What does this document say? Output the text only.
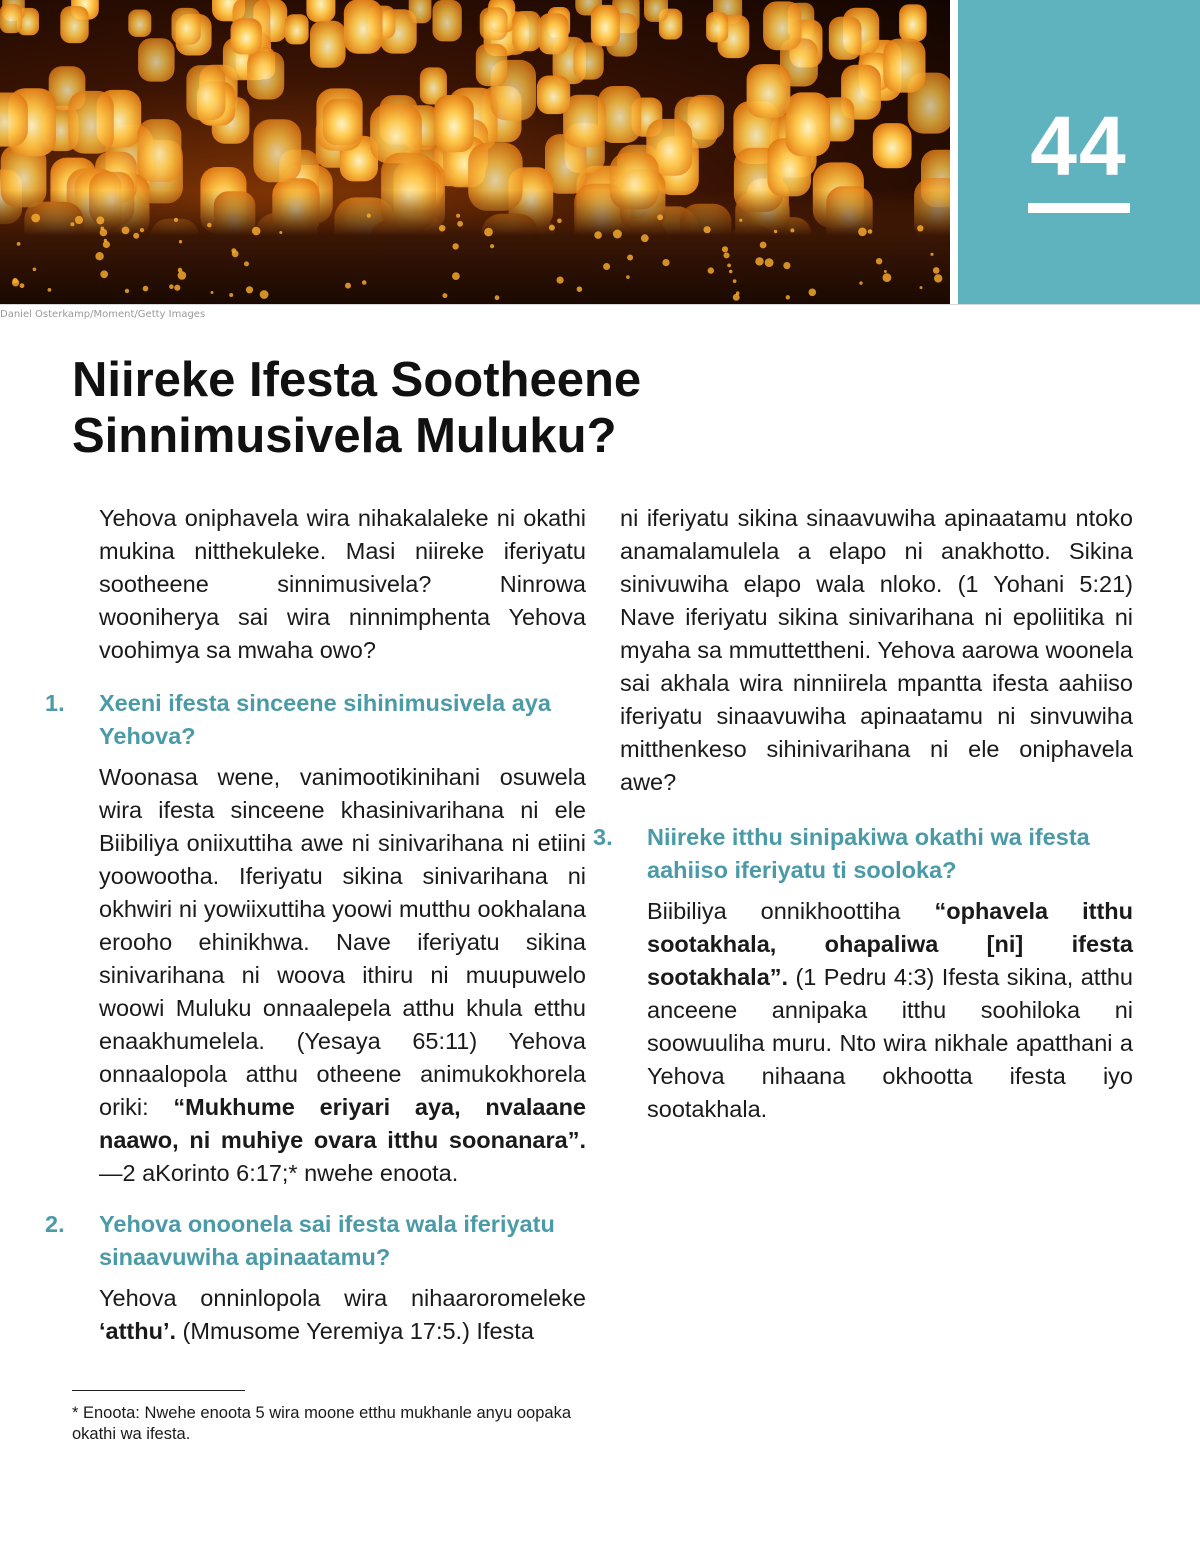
44
Daniel Osterkamp/Moment/Getty Images
Niireke Ifesta Sootheene
Sinnimusivela Muluku?

Yehova oniphavela wira nihakalaleke ni okathi mukina nitthekuleke. Masi niireke iferiyatu sootheene sinnimusivela? Ninrowa wooniherya sai wira ninnimphenta Yehova voohimya sa mwaha owo?

1. Xeeni ifesta sinceene sihinimusivela aya Yehova?

Woonasa wene, vanimootikinihani osuwela wira ifesta sinceene khasinivarihana ni ele Biibiliya oniixuttiha awe ni sinivarihana ni etiini yoowootha. Iferiyatu sikina sinivarihana ni okhwiri ni yowiixuttiha yoowi mutthu ookhalana erooho ehinikhwa. Nave iferiyatu sikina sinivarihana ni woova ithiru ni muupuwelo woowi Muluku onnaalepela atthu khula etthu enaakhumelela. (Yesaya 65:11) Yehova onnaalopola atthu otheene animukokhorela oriki: “Mukhume eriyari aya, nvalaane naawo, ni muhiye ovara itthu soonanara”.—2 aKorinto 6:17;* nwehe enoota.

2. Yehova onoonela sai ifesta wala iferiyatu sinaavuwiha apinaatamu?

Yehova onninlopola wira nihaaroromeleke ‘atthu’. (Mmusome Yeremiya 17:5.) Ifesta

ni iferiyatu sikina sinaavuwiha apinaatamu ntoko anamalamulela a elapo ni anakhotto. Sikina sinivuwiha elapo wala nloko. (1 Yohani 5:21) Nave iferiyatu sikina sinivarihana ni epoliitika ni myaha sa mmuttettheni. Yehova aarowa woonela sai akhala wira ninniirela mpantta ifesta aahiiso iferiyatu sinaavuwiha apinaatamu ni sinvuwiha mitthenkeso sihinivarihana ni ele oniphavela awe?

3. Niireke itthu sinipakiwa okathi wa ifesta aahiiso iferiyatu ti sooloka?

Biibiliya onnikhoottiha “ophavela itthu sootakhala, ohapaliwa [ni] ifesta sootakhala”. (1 Pedru 4:3) Ifesta sikina, atthu anceene annipaka itthu soohiloka ni soowuuliha muru. Nto wira nikhale apatthani a Yehova nihaana okhootta ifesta iyo sootakhala.

* Enoota: Nwehe enoota 5 wira moone etthu mukhanle anyu oopaka okathi wa ifesta.
